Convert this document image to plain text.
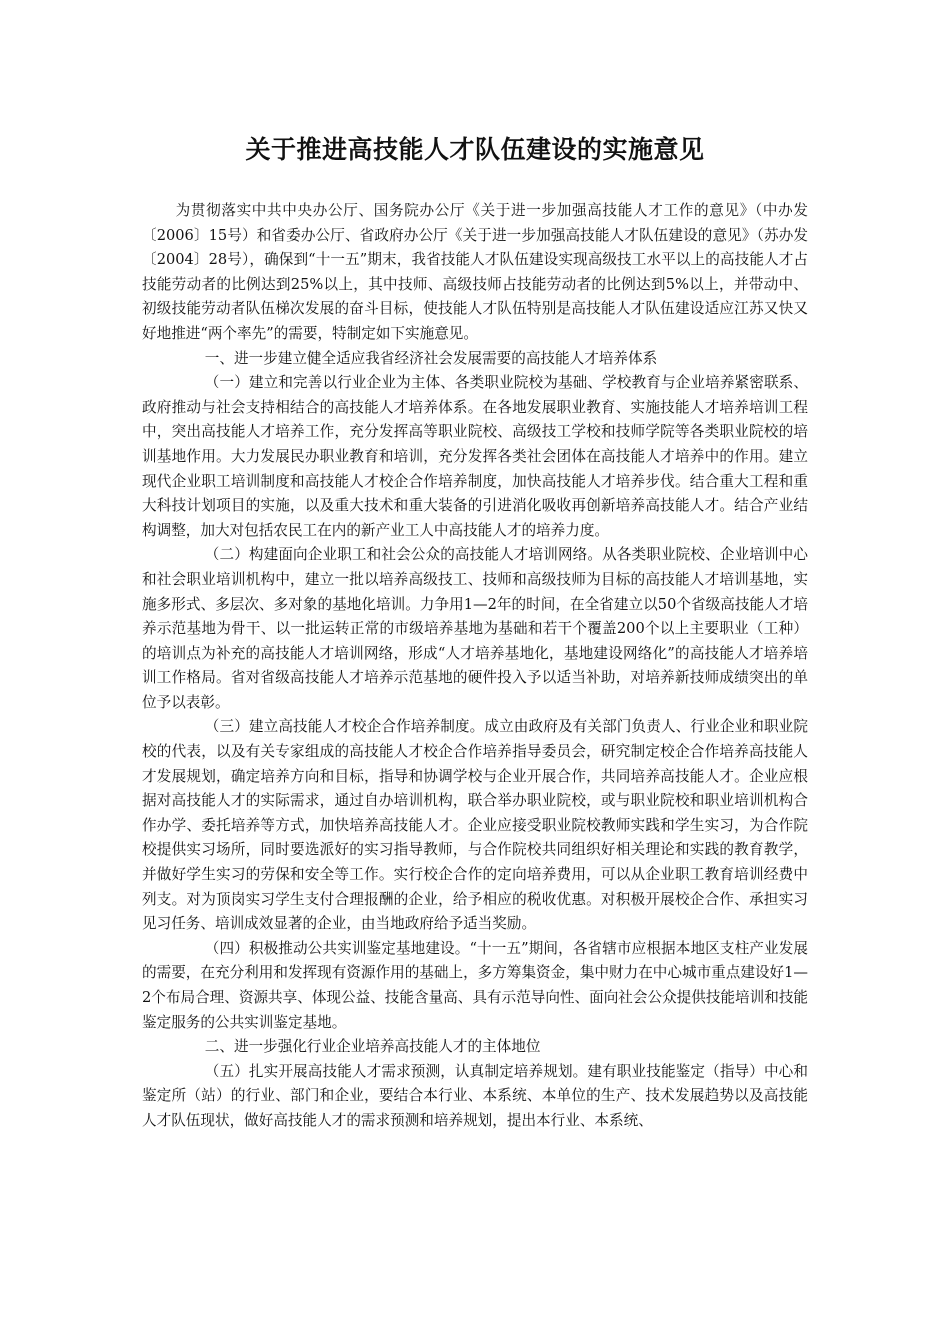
关于推进高技能人才队伍建设的实施意见

为贯彻落实中共中央办公厅、国务院办公厅《关于进一步加强高技能人才工作的意见》（中办发〔2006〕15号）和省委办公厅、省政府办公厅《关于进一步加强高技能人才队伍建设的意见》（苏办发〔2004〕28号），确保到“十一五”期末，我省技能人才队伍建设实现高级技工水平以上的高技能人才占技能劳动者的比例达到25%以上，其中技师、高级技师占技能劳动者的比例达到5%以上，并带动中、初级技能劳动者队伍梯次发展的奋斗目标，使技能人才队伍特别是高技能人才队伍建设适应江苏又快又好地推进“两个率先”的需要，特制定如下实施意见。

一、进一步建立健全适应我省经济社会发展需要的高技能人才培养体系

（一）建立和完善以行业企业为主体、各类职业院校为基础、学校教育与企业培养紧密联系、政府推动与社会支持相结合的高技能人才培养体系。在各地发展职业教育、实施技能人才培养培训工程中，突出高技能人才培养工作，充分发挥高等职业院校、高级技工学校和技师学院等各类职业院校的培训基地作用。大力发展民办职业教育和培训，充分发挥各类社会团体在高技能人才培养中的作用。建立现代企业职工培训制度和高技能人才校企合作培养制度，加快高技能人才培养步伐。结合重大工程和重大科技计划项目的实施，以及重大技术和重大装备的引进消化吸收再创新培养高技能人才。结合产业结构调整，加大对包括农民工在内的新产业工人中高技能人才的培养力度。

（二）构建面向企业职工和社会公众的高技能人才培训网络。从各类职业院校、企业培训中心和社会职业培训机构中，建立一批以培养高级技工、技师和高级技师为目标的高技能人才培训基地，实施多形式、多层次、多对象的基地化培训。力争用1—2年的时间，在全省建立以50个省级高技能人才培养示范基地为骨干、以一批运转正常的市级培养基地为基础和若干个覆盖200个以上主要职业（工种）的培训点为补充的高技能人才培训网络，形成“人才培养基地化，基地建设网络化”的高技能人才培养培训工作格局。省对省级高技能人才培养示范基地的硬件投入予以适当补助，对培养新技师成绩突出的单位予以表彰。

（三）建立高技能人才校企合作培养制度。成立由政府及有关部门负责人、行业企业和职业院校的代表，以及有关专家组成的高技能人才校企合作培养指导委员会，研究制定校企合作培养高技能人才发展规划，确定培养方向和目标，指导和协调学校与企业开展合作，共同培养高技能人才。企业应根据对高技能人才的实际需求，通过自办培训机构，联合举办职业院校，或与职业院校和职业培训机构合作办学、委托培养等方式，加快培养高技能人才。企业应接受职业院校教师实践和学生实习，为合作院校提供实习场所，同时要选派好的实习指导教师，与合作院校共同组织好相关理论和实践的教育教学，并做好学生实习的劳保和安全等工作。实行校企合作的定向培养费用，可以从企业职工教育培训经费中列支。对为顶岗实习学生支付合理报酬的企业，给予相应的税收优惠。对积极开展校企合作、承担实习见习任务、培训成效显著的企业，由当地政府给予适当奖励。

（四）积极推动公共实训鉴定基地建设。“十一五”期间，各省辖市应根据本地区支柱产业发展的需要，在充分利用和发挥现有资源作用的基础上，多方筹集资金，集中财力在中心城市重点建设好1—2个布局合理、资源共享、体现公益、技能含量高、具有示范导向性、面向社会公众提供技能培训和技能鉴定服务的公共实训鉴定基地。

二、进一步强化行业企业培养高技能人才的主体地位

（五）扎实开展高技能人才需求预测，认真制定培养规划。建有职业技能鉴定（指导）中心和鉴定所（站）的行业、部门和企业，要结合本行业、本系统、本单位的生产、技术发展趋势以及高技能人才队伍现状，做好高技能人才的需求预测和培养规划，提出本行业、本系统、
